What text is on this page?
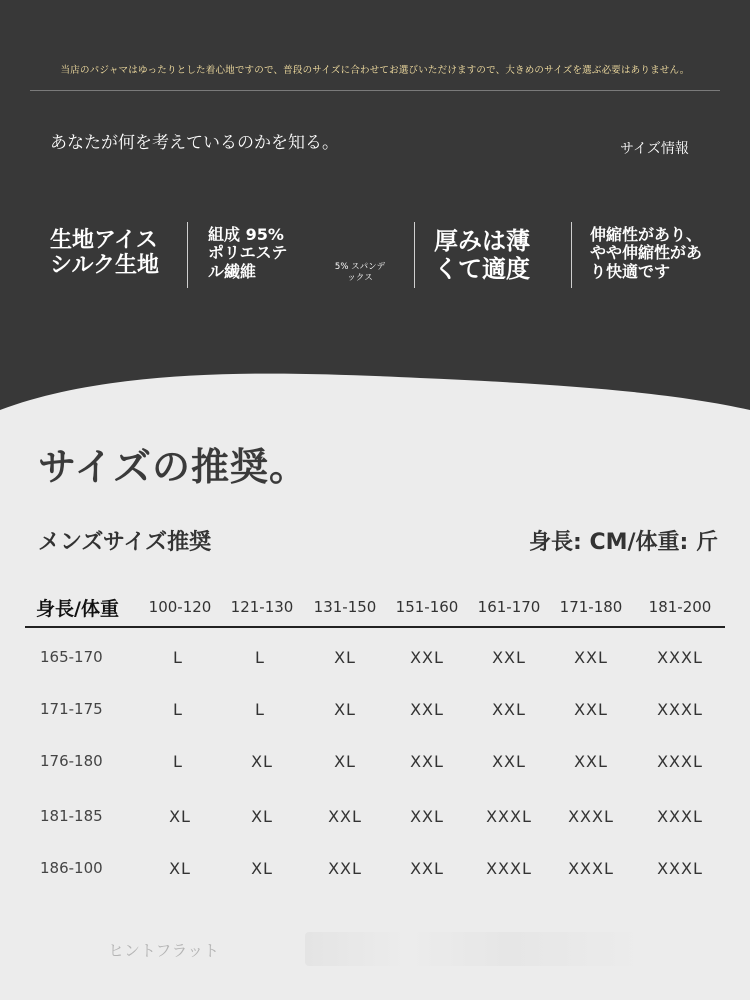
当店のパジャマはゆったりとした着心地ですので、普段のサイズに合わせてお選びいただけますので、大きめのサイズを選ぶ必要はありません。
あなたが何を考えているのかを知る。	サイズ情報
生地アイス
シルク生地
組成 95%
ポリエステ
ル繊維	5% スパンデ
ックス
厚みは薄
くて適度
伸縮性があり、
やや伸縮性があ
り快適です
サイズの推奨。
メンズサイズ推奨	身長: CM/体重: 斤
身長/体重	100-120	121-130	131-150	151-160	161-170	171-180	181-200
165-170	L	L	XL	XXL	XXL	XXL	XXXL
171-175	L	L	XL	XXL	XXL	XXL	XXXL
176-180	L	XL	XL	XXL	XXL	XXL	XXXL
181-185	XL	XL	XXL	XXL	XXXL	XXXL	XXXL
186-100	XL	XL	XXL	XXL	XXXL	XXXL	XXXL
ヒントフラット
